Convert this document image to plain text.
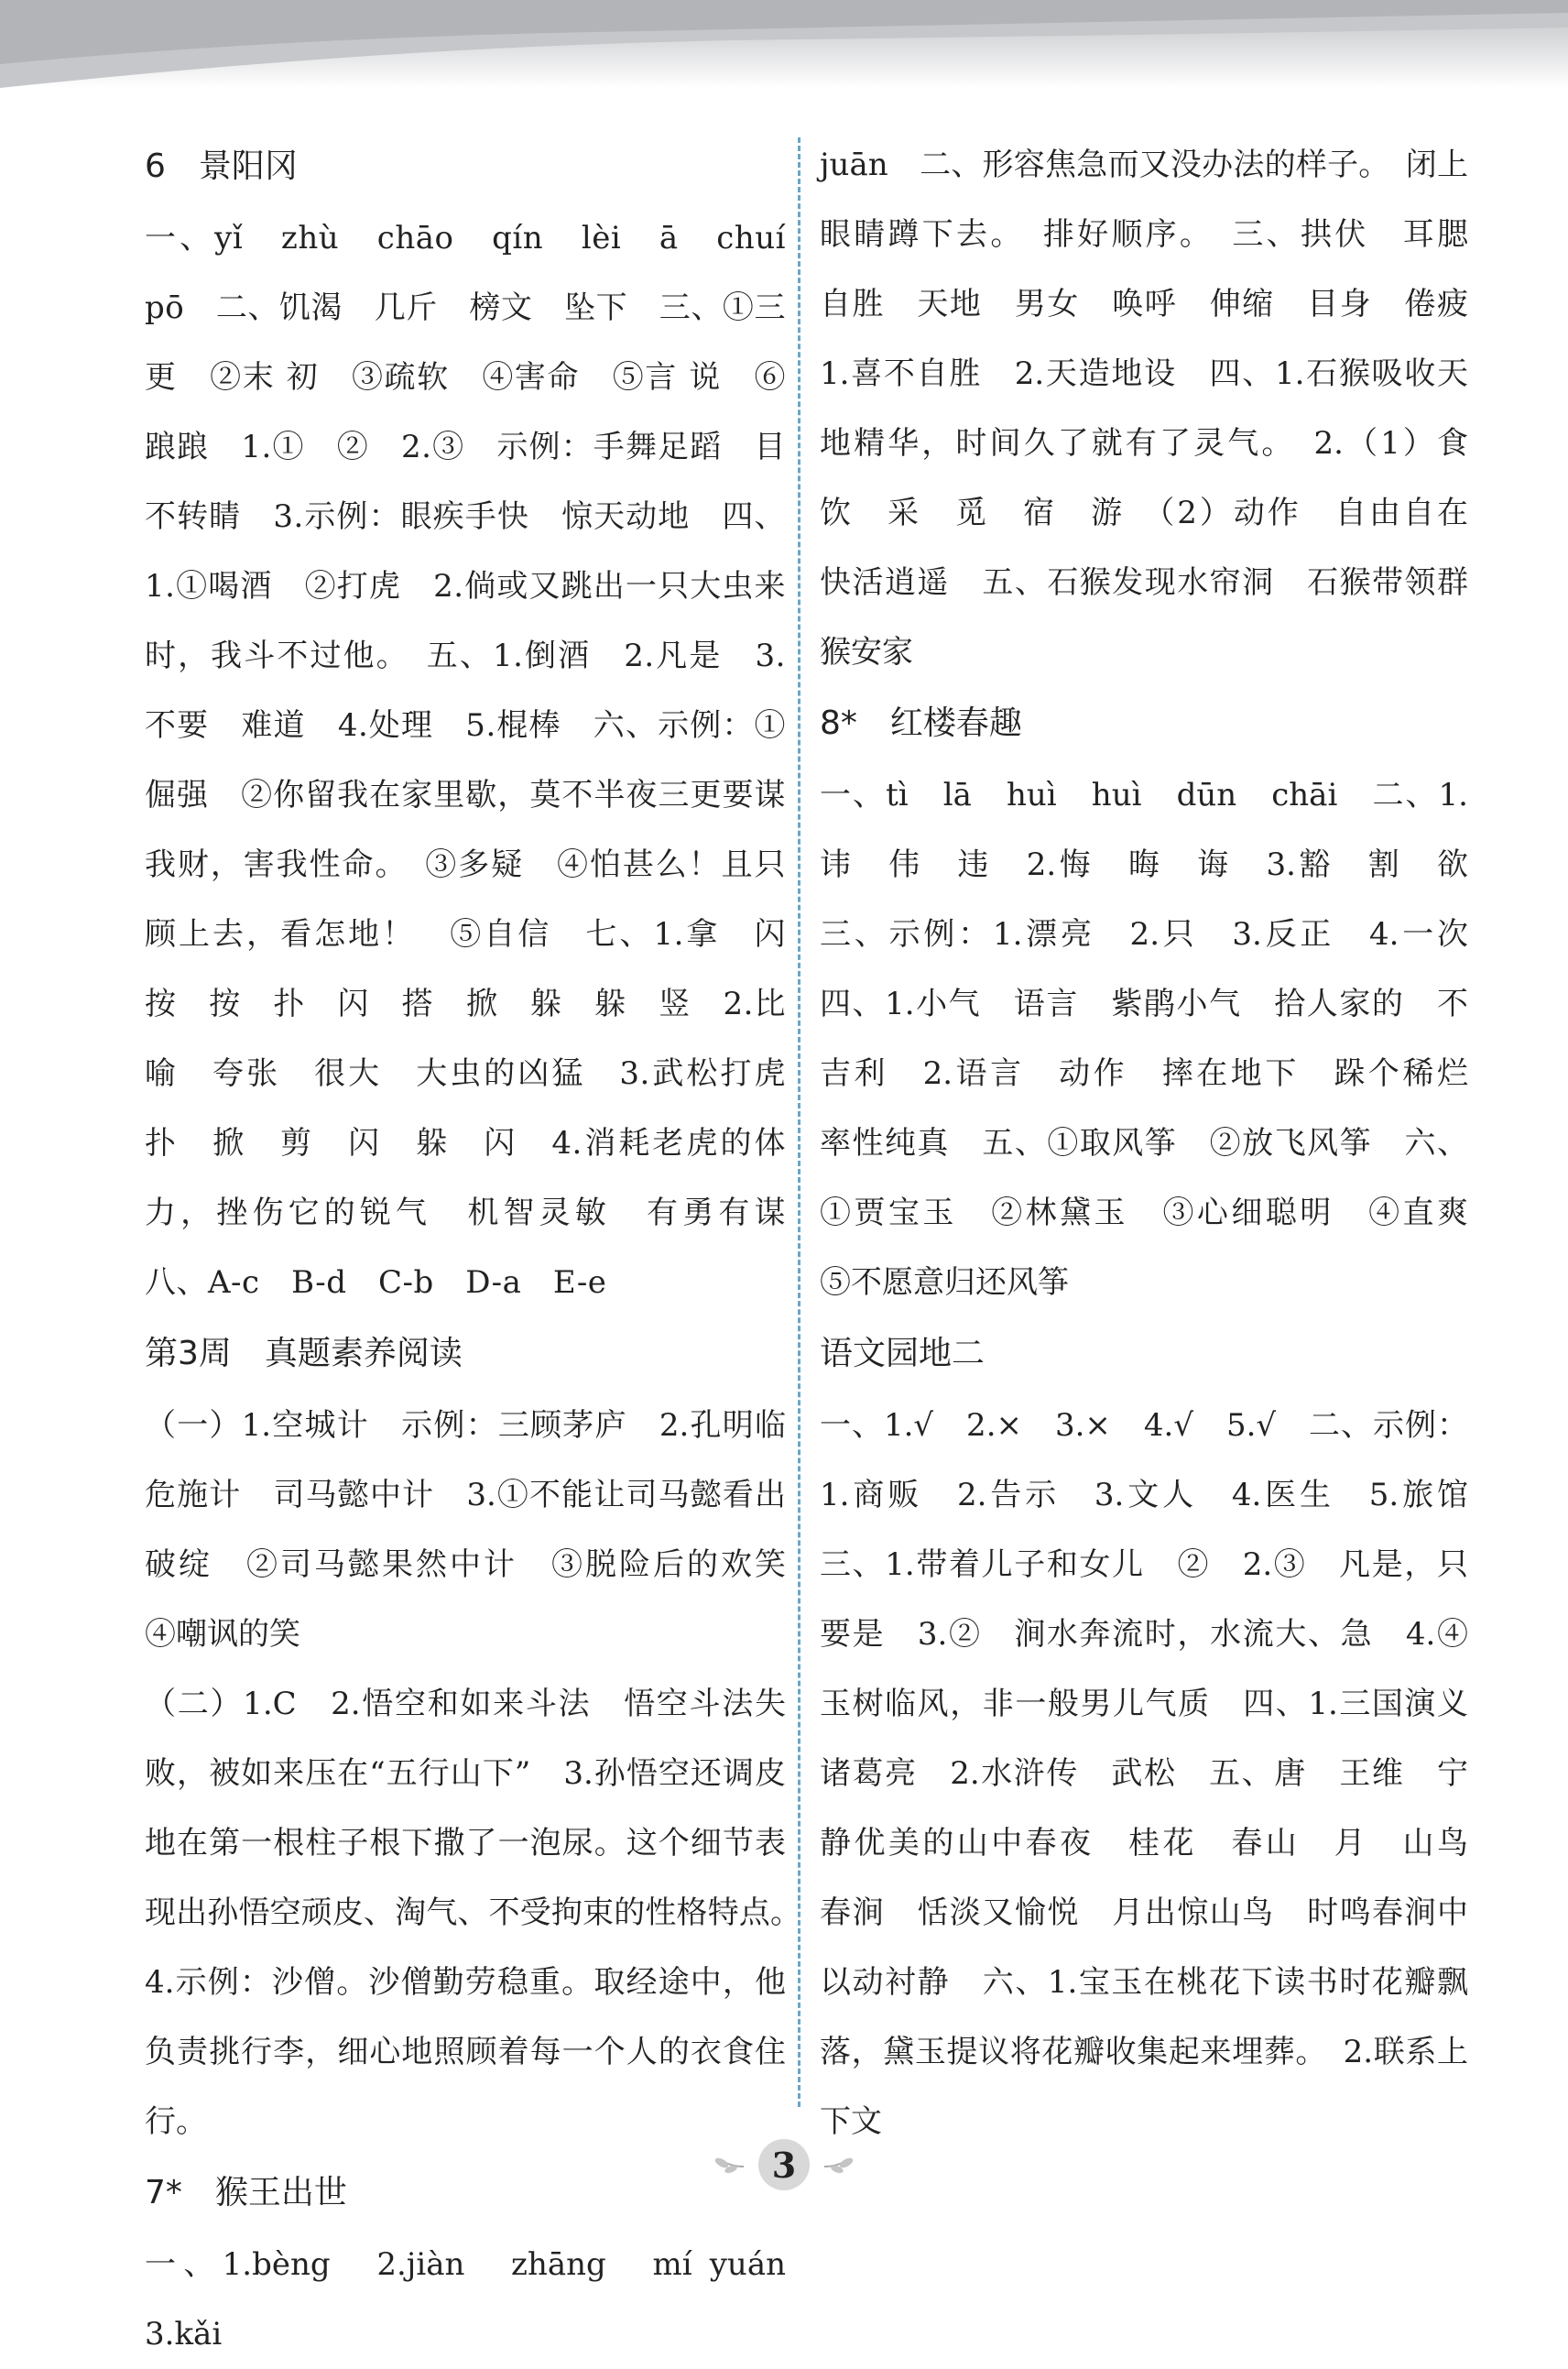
6　景阳冈

一、yǐ　zhù　chāo　qín　lèi　ā　chuí　pō　二、饥渴　几斤　榜文　坠下　三、①三更　②末 初　③疏软　④害命　⑤言 说　⑥踉踉　1.①　②　2.③　示例：手舞足蹈　目不转睛　3.示例：眼疾手快　惊天动地　四、1.①喝酒　②打虎　2.倘或又跳出一只大虫来时，我斗不过他。　五、1.倒酒　2.凡是　3.不要　难道　4.处理　5.棍棒　六、示例：①倔强　②你留我在家里歇，莫不半夜三更要谋我财，害我性命。　③多疑　④怕甚么！且只顾上去，看怎地！　⑤自信　七、1.拿　闪　按　按　扑　闪　搭　掀　躲　躲　竖　2.比喻　夸张　很大　大虫的凶猛　3.武松打虎　扑　掀　剪　闪　躲　闪　4.消耗老虎的体力，挫伤它的锐气　机智灵敏　有勇有谋　八、A-c　B-d　C-b　D-a　E-e

第3周　真题素养阅读

（一）1.空城计　示例：三顾茅庐　2.孔明临危施计　司马懿中计　3.①不能让司马懿看出破绽　②司马懿果然中计　③脱险后的欢笑　④嘲讽的笑

（二）1.C　2.悟空和如来斗法　悟空斗法失败，被如来压在“五行山下”　3.孙悟空还调皮地在第一根柱子根下撒了一泡尿。这个细节表现出孙悟空顽皮、淘气、不受拘束的性格特点。　4.示例：沙僧。沙僧勤劳稳重。取经途中，他负责挑行李，细心地照顾着每一个人的衣食住行。

7*　猴王出世

一、1.bèng　2.jiàn　zhāng　mí yuán　3.kǎi

juān　二、形容焦急而又没办法的样子。　闭上眼睛蹲下去。　排好顺序。　三、拱伏　耳腮　自胜　天地　男女　唤呼　伸缩　目身　倦疲　1.喜不自胜　2.天造地设　四、1.石猴吸收天地精华，时间久了就有了灵气。　2.（1）食　饮　采　觅　宿　游　（2）动作　自由自在　快活逍遥　五、石猴发现水帘洞　石猴带领群猴安家

8*　红楼春趣

一、tì　lā　huì　huì　dūn　chāi　二、1.讳　伟　违　2.悔　晦　诲　3.豁　割　欲　三、示例：1.漂亮　2.只　3.反正　4.一次　四、1.小气　语言　紫鹃小气　拾人家的　不吉利　2.语言　动作　摔在地下　跺个稀烂　率性纯真　五、①取风筝　②放飞风筝　六、①贾宝玉　②林黛玉　③心细聪明　④直爽　⑤不愿意归还风筝

语文园地二

一、1.√　2.×　3.×　4.√　5.√　二、示例：1.商贩　2.告示　3.文人　4.医生　5.旅馆　三、1.带着儿子和女儿　②　2.③　凡是，只要是　3.②　涧水奔流时，水流大、急　4.④　玉树临风，非一般男儿气质　四、1.三国演义　诸葛亮　2.水浒传　武松　五、唐　王维　宁静优美的山中春夜　桂花　春山　月　山鸟　春涧　恬淡又愉悦　月出惊山鸟　时鸣春涧中　以动衬静　六、1.宝玉在桃花下读书时花瓣飘落，黛玉提议将花瓣收集起来埋葬。　2.联系上下文

3
